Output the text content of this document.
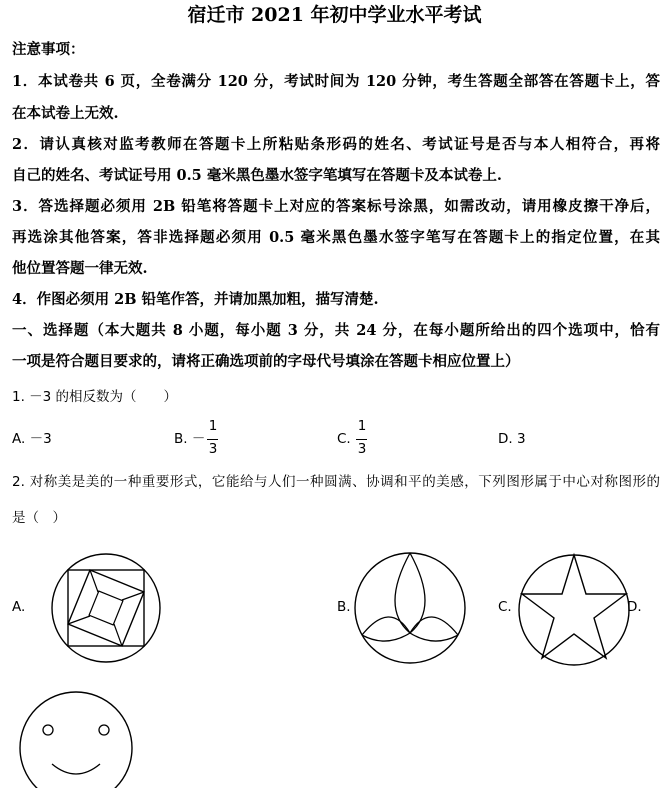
宿迁市 2021 年初中学业水平考试
注意事项：
1．本试卷共 6 页，全卷满分 120 分，考试时间为 120 分钟，考生答题全部答在答题卡上，答
在本试卷上无效.
2．请认真核对监考教师在答题卡上所粘贴条形码的姓名、考试证号是否与本人相符合，再将
自己的姓名、考试证号用 0.5 毫米黑色墨水签字笔填写在答题卡及本试卷上.
3．答选择题必须用 2B 铅笔将答题卡上对应的答案标号涂黑，如需改动，请用橡皮擦干净后，
再选涂其他答案，答非选择题必须用 0.5 毫米黑色墨水签字笔写在答题卡上的指定位置，在其
他位置答题一律无效.
4．作图必须用 2B 铅笔作答，并请加黑加粗，描写清楚.
一、选择题（本大题共 8 小题，每小题 3 分，共 24 分，在每小题所给出的四个选项中，恰有
一项是符合题目要求的，请将正确选项前的字母代号填涂在答题卡相应位置上）
1. －3 的相反数为（　　）
A. －3	B. －
1
3
C.
1
3
D. 3
2. 对称美是美的一种重要形式，它能给与人们一种圆满、协调和平的美感，下列图形属于中心对称图形的
是（　）
A.	B.	C.	D.
